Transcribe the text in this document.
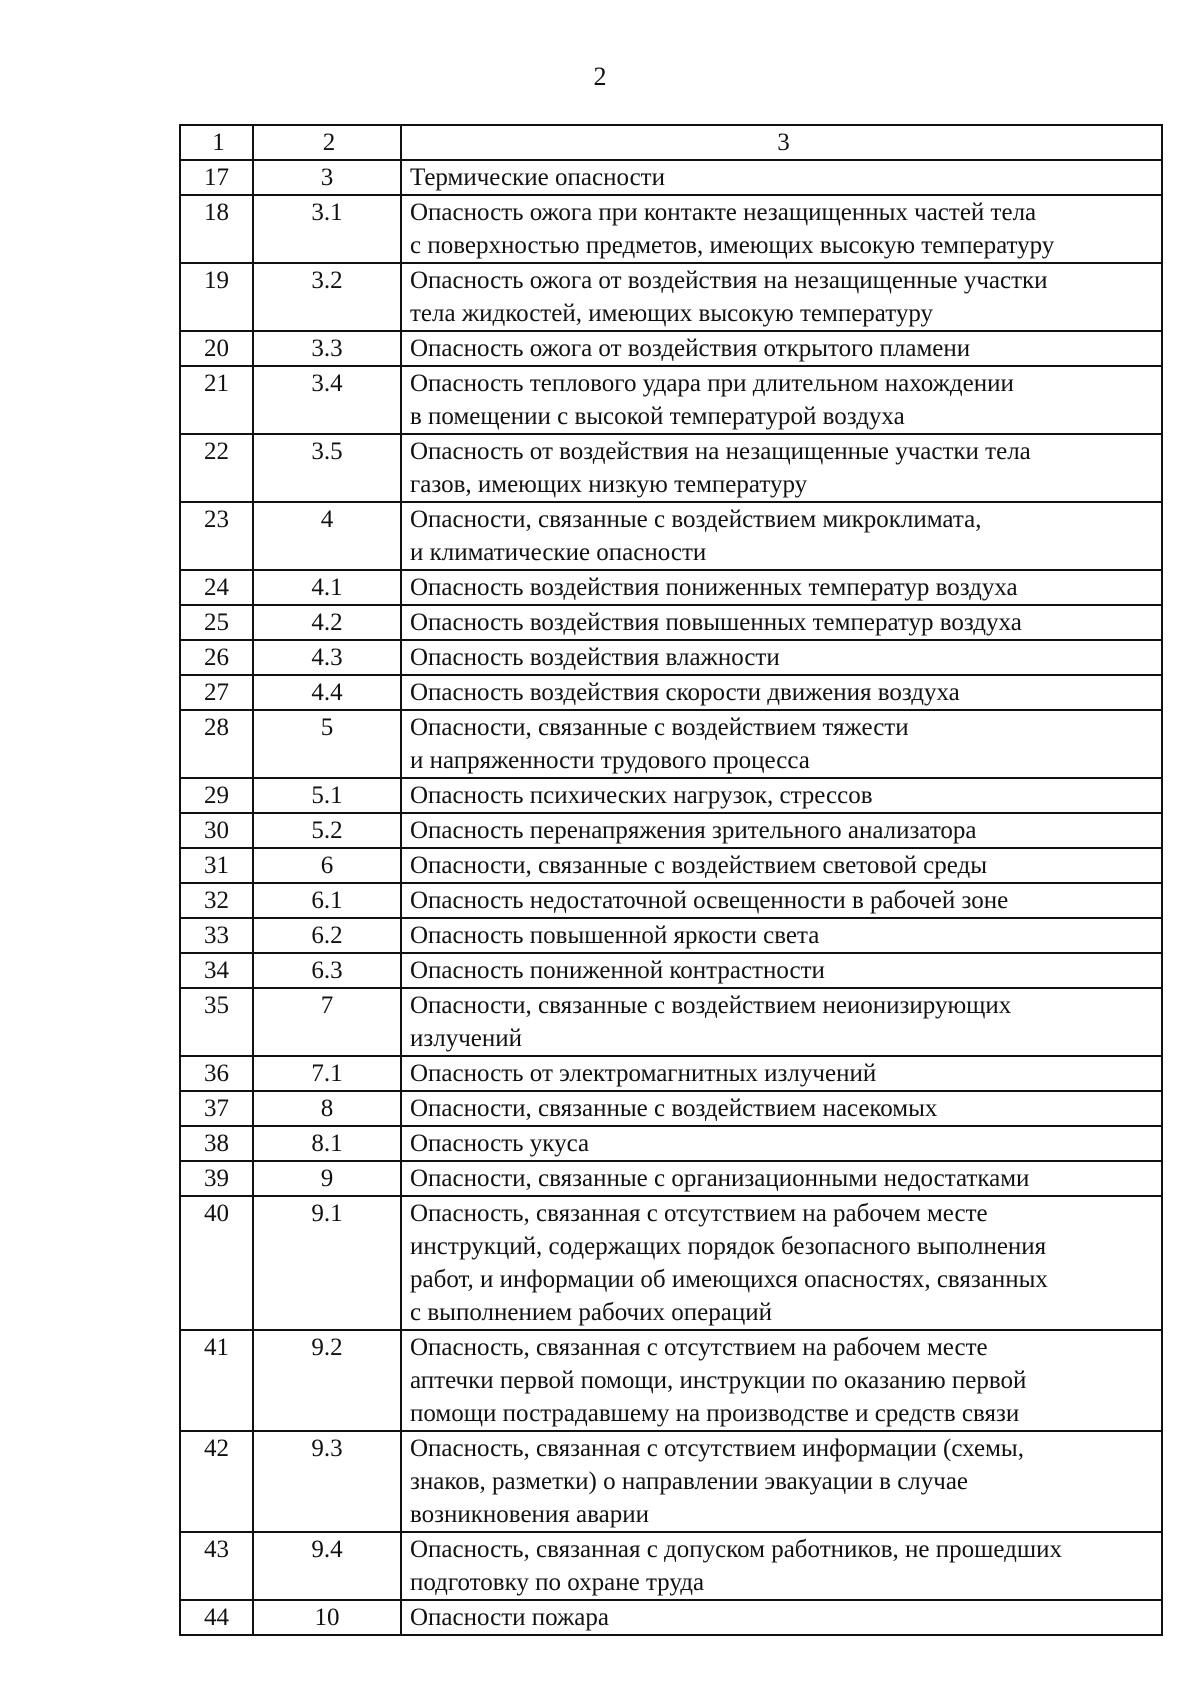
2
1	2	3
17	3	Термические опасности
18	3.1	Опасность ожога при контакте незащищенных частей тела
с поверхностью предметов, имеющих высокую температуру
19	3.2	Опасность ожога от воздействия на незащищенные участки
тела жидкостей, имеющих высокую температуру
20	3.3	Опасность ожога от воздействия открытого пламени
21	3.4	Опасность теплового удара при длительном нахождении
в помещении с высокой температурой воздуха
22	3.5	Опасность от воздействия на незащищенные участки тела
газов, имеющих низкую температуру
23	4	Опасности, связанные с воздействием микроклимата,
и климатические опасности
24	4.1	Опасность воздействия пониженных температур воздуха
25	4.2	Опасность воздействия повышенных температур воздуха
26	4.3	Опасность воздействия влажности
27	4.4	Опасность воздействия скорости движения воздуха
28	5	Опасности, связанные с воздействием тяжести
и напряженности трудового процесса
29	5.1	Опасность психических нагрузок, стрессов
30	5.2	Опасность перенапряжения зрительного анализатора
31	6	Опасности, связанные с воздействием световой среды
32	6.1	Опасность недостаточной освещенности в рабочей зоне
33	6.2	Опасность повышенной яркости света
34	6.3	Опасность пониженной контрастности
35	7	Опасности, связанные с воздействием неионизирующих
излучений
36	7.1	Опасность от электромагнитных излучений
37	8	Опасности, связанные с воздействием насекомых
38	8.1	Опасность укуса
39	9	Опасности, связанные с организационными недостатками
40	9.1	Опасность, связанная с отсутствием на рабочем месте
инструкций, содержащих порядок безопасного выполнения
работ, и информации об имеющихся опасностях, связанных
с выполнением рабочих операций
41	9.2	Опасность, связанная с отсутствием на рабочем месте
аптечки первой помощи, инструкции по оказанию первой
помощи пострадавшему на производстве и средств связи
42	9.3	Опасность, связанная с отсутствием информации (схемы,
знаков, разметки) о направлении эвакуации в случае
возникновения аварии
43	9.4	Опасность, связанная с допуском работников, не прошедших
подготовку по охране труда
44	10	Опасности пожара
